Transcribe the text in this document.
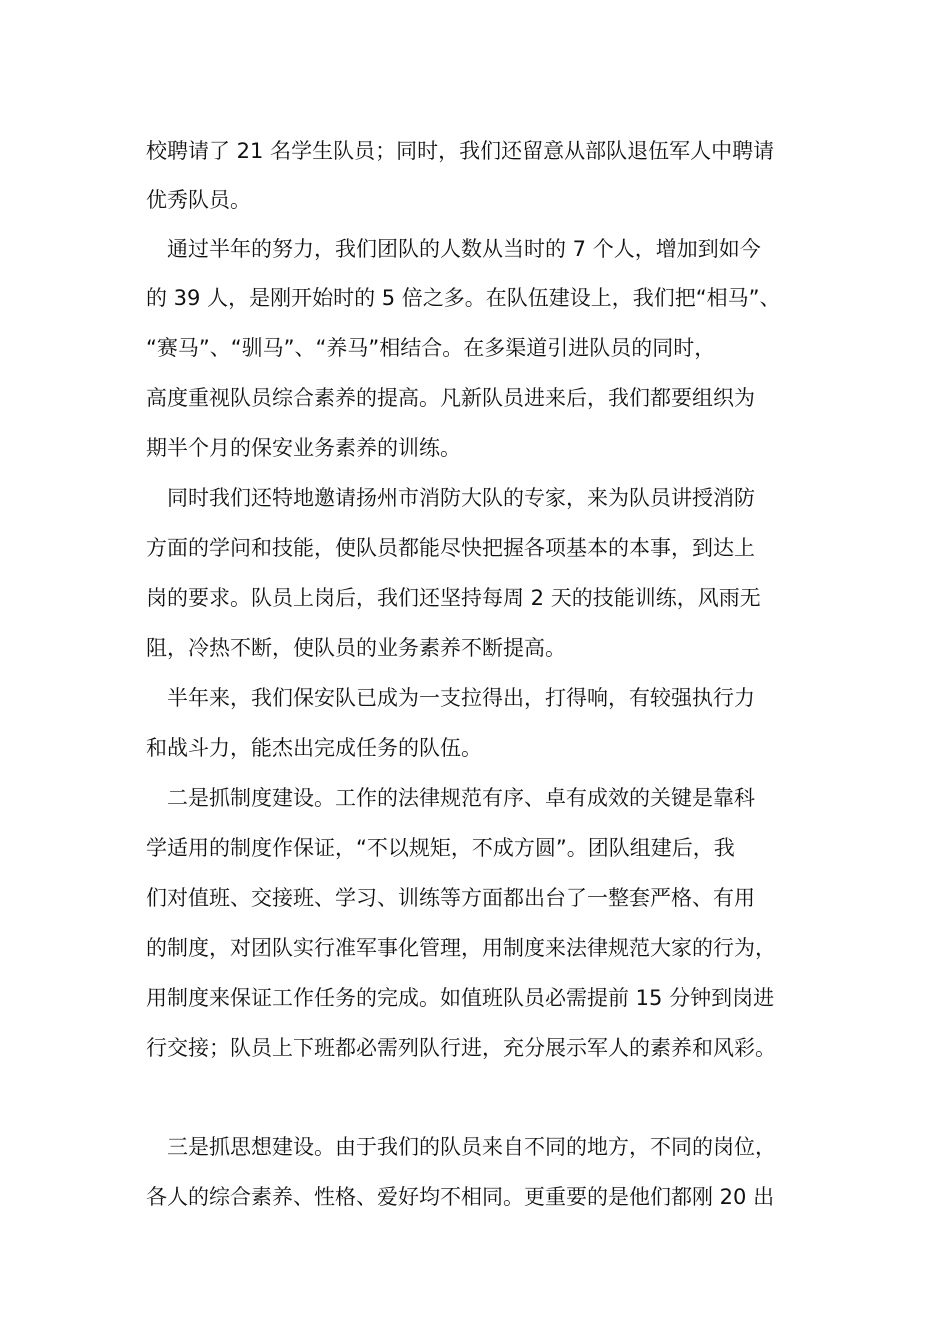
校聘请了 21 名学生队员；同时，我们还留意从部队退伍军人中聘请
优秀队员。
通过半年的努力，我们团队的人数从当时的 7 个人，增加到如今
的 39 人，是刚开始时的 5 倍之多。在队伍建设上，我们把“相马”、
“赛马”、“驯马”、“养马”相结合。在多渠道引进队员的同时，
高度重视队员综合素养的提高。凡新队员进来后，我们都要组织为
期半个月的保安业务素养的训练。
同时我们还特地邀请扬州市消防大队的专家，来为队员讲授消防
方面的学问和技能，使队员都能尽快把握各项基本的本事，到达上
岗的要求。队员上岗后，我们还坚持每周 2 天的技能训练，风雨无
阻，冷热不断，使队员的业务素养不断提高。
半年来，我们保安队已成为一支拉得出，打得响，有较强执行力
和战斗力，能杰出完成任务的队伍。
二是抓制度建设。工作的法律规范有序、卓有成效的关键是靠科
学适用的制度作保证，“不以规矩，不成方圆”。团队组建后，我
们对值班、交接班、学习、训练等方面都出台了一整套严格、有用
的制度，对团队实行准军事化管理，用制度来法律规范大家的行为，
用制度来保证工作任务的完成。如值班队员必需提前 15 分钟到岗进
行交接；队员上下班都必需列队行进，充分展示军人的素养和风彩。
三是抓思想建设。由于我们的队员来自不同的地方，不同的岗位，
各人的综合素养、性格、爱好均不相同。更重要的是他们都刚 20 出
